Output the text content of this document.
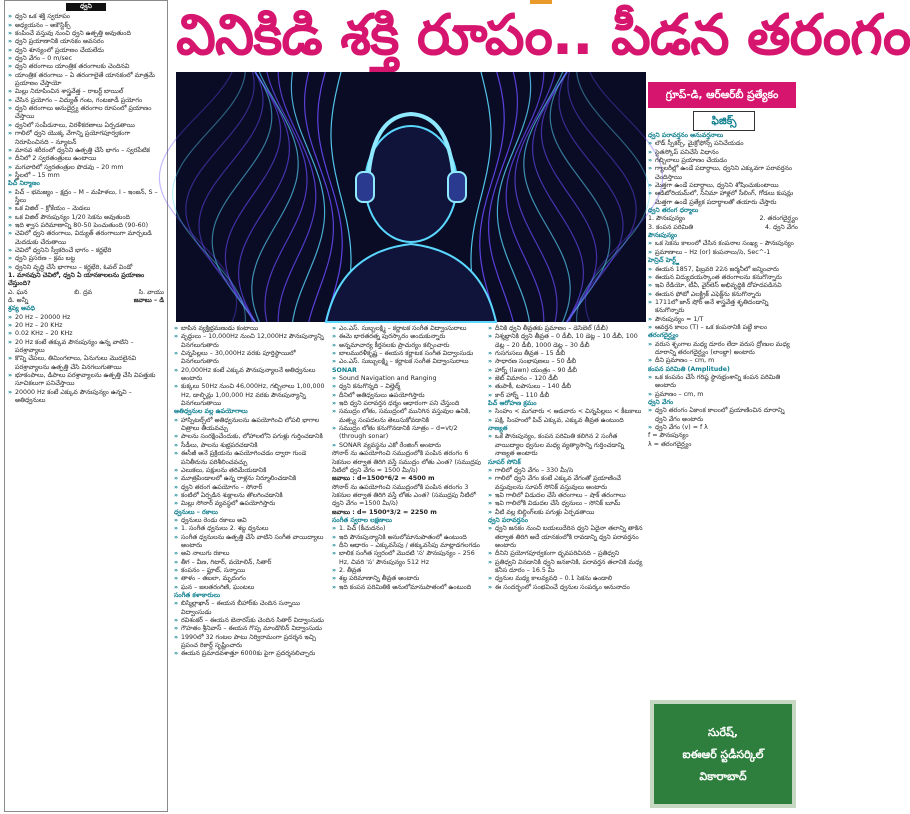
ధ్వని

» ధ్వని ఒక శక్తి స్వరూపం

» అధ్యయనం – అకౌస్టిక్స్

» కంపించే వస్తువు నుంచి ధ్వని ఉత్పత్తి అవుతుంది

» ధ్వని ప్రయాణానికి యానకం అవసరం

» ధ్వని శూన్యంలో ప్రయాణం చేయలేదు

» ధ్వని వేగం – 0 m/sec

» ధ్వని తరంగాలు యాంత్రిక తరంగాలకు చెందినవి

» యాంత్రిక తరంగాలు – ఏ తరంగాలైతే యానకంలో మాత్రమే ప్రయాణం చేస్తాయో

» మిల్లు నిరూపించిన శాస్త్రవేత్త – రాబర్ట్ బాయిల్

» చేసిన ప్రయోగం – విద్యుత్ గంట, గంటజాడీ ప్రయోగం

» ధ్వని తరంగాలు అనుదైర్ఘ్య తరంగాల రూపంలో ప్రయాణం చేస్తాయి

» ధ్వనిలో సంపీడనాలు, విరళీకరణాలు ఏర్పడతాయి

» గాలిలో ధ్వని యొక్క వేగాన్ని ప్రయోగపూర్వకంగా నిరూపించినది – న్యూటన్

» మానవ శరీరంలో ధ్వనిని ఉత్పత్తి చేసే భాగం – స్వరపేటిక

» దీనిలో 2 స్వరతంత్రులు ఉంటాయి

» మగవారిలో స్వరతంత్రుల పొడవు – 20 mm

» స్త్రీలలో – 15 mm

పిచ్ నిర్మాణం

» పిచ్ – భమజ్యం – క్షద్రం – M – మహిళలు, I – ఇంజన్, S – స్త్రీలు

» ఒక విజిల్ – క్రోకేయం – మెడలు

» ఒక విజిల్ పౌనఃపున్యం 1/20 సెకను అవుతుంది

» ఇది శ్వాస పరిమాణాన్ని 80-50 పెంచుతుంది (90-60)

» చెవిలో ధ్వని తరంగాలు, విద్యుత్ తరంగాలుగా మార్చబడి మెదడుకు చేరుతాయి

» చెవిలో ధ్వనిని స్వీకరించే భాగం – కర్ణభేరి

» ధ్వని ప్రసరణ – క్రమ బట్ట

» ధ్వనిని వృద్ధి చేసే భాగాలు – కర్ణభేరి, ఓవల్ విండో

1. మానవుని చెవిలో, ధ్వని ఏ యానకాలలను ప్రయాణం చేస్తుంది?

ఎ. ఘన	బి. ద్రవ	సి. వాయు
డి. అన్నీ	జవాబు – డి

శ్రవ్య అవధి

» 20 Hz – 20000 Hz

» 20 Hz – 20 KHz

» 0.02 KHz – 20 KHz

» 20 Hz కంటే తక్కువ పౌనఃపున్యం ఉన్న వాటిని – పరశ్రావ్యాలు

» కొన్ని చేపలు, తిమింగలాలు, ఏనుగులు మొదలైనవి పరశ్రావ్యాలను ఉత్పత్తి చేసి వినగలుగుతాయి

» భూకంపాలు, డిపాలు పరశ్రావ్యాలను ఉత్పత్తి చేసి విపత్తుకు సూచికలుగా పనిచేస్తాయి

» 20000 Hz కంటే ఎక్కువ పౌనఃపున్యం ఉన్నవి – అతిధ్వనులు

వినికిడి శక్తి రూపం.. పీడన తరంగం

» బాపిన వ్యక్తిభ్రమణుడు కంటాయి

» వృద్ధులు – 10,000Hz నుంచి 12,000Hz పౌనఃపున్యాన్ని వినగలుగుతారు

» చిన్నపిల్లలు – 30,000Hz వరకు పూర్తిస్థాయిలో వినగలుగుతారు

» 20,000Hz కంటే ఎక్కువ పౌనఃపున్యాలనే అతిధ్వనులు అంటారు

» కుక్కలు 50Hz నుంచి 46,000Hz, గబ్బిలాలు 1,00,000 Hz, డాల్ఫిన్లు 1,00,000 Hz వరకు పౌనఃపున్యాన్ని వినగలుగుతాయి

అతిధ్వనుల వల్ల ఉపయోగాలు

» హాస్పిటల్స్‌లో అతిధ్వనులను ఉపయోగించి లోపలి భాగాల చిత్రాలు తీయవచ్చు

» పాలను సంరక్షించేందుకు, లోహాలలోని పగుళ్లు గుర్తించడానికి

» సీడీలు, పాలను శుభ్రపరచడానికి

» ఈసీజీ అనే ప్రక్రియను ఉపయోగించడం ద్వారా గుండె పనితీరును పరిశీలించవచ్చు

» ఎలుకలు, పక్షులను తరిమేయడానికి

» మూత్రపిండాలలో ఉన్న రాళ్లను నిర్మూలించడానికి

» ధ్వని తరంగ ఉపయోగం – సోనార్

» కంటిలో ఏర్పడిన శుక్లాలను తొలగించడానికి

» మిల్లు సోనార్ వ్యవస్థలో ఉపయోగిస్తారు

ధ్వనులు – రకాలు

» ధ్వనులు రెండు రకాలు అవి

» 1. సంగీత ధ్వనులు 2. శబ్ద ధ్వనులు

» సంగీత ధ్వనులను ఉత్పత్తి చేసే వాటిని సంగీత వాయిద్యాలు అంటారు

» అవి నాలుగు రకాలు

» తీగ – వీణ, గిటార్, వయోలిన్, సితార్

» కంపనం – ఫ్లూట్, సన్నాయి

» తాళం – తబలా, మృదంగం

» ఘన – జలతరంగిణి, ఘంటలు

సంగీత కళాకారులు

» బిస్మిల్లాఖాన్ – ఈయన బీహార్‌కు చెందిన సన్నాయి విద్వాంసుడు

» రవిశంకర్ – ఈయన బెనారస్‌కు చెందిన సితార్ విద్వాంసుడు

» గౌహతం శ్రీనివాస్ – ఈయన గొప్ప మాండొలిన్ విద్వాంసుడు

» 1990లో 32 గంటల పాటు నిర్విరామంగా ప్రదర్శన ఇచ్చి ప్రపంచ రికార్డ్ సృష్టించారు

» ఈయన ప్రమాదవశాత్తూ 6000కు పైగా ప్రదర్శనలిచ్చారు

» ఎం.ఎస్. సుబ్బలక్ష్మి – కర్ణాటక సంగీత విద్వాంసురాలు

» ఈమె భారతరత్న పురస్కారం అందుకున్నారు

» అన్నమాచార్య కీర్తనలకు ప్రాచుర్యం కల్పించారు

» బాలమురళీకృష్ణ – ఈయన కర్ణాటక సంగీత విద్వాంసుడు

» ఎం.ఎస్. సుబ్బులక్ష్మి – కర్ణాటక సంగీత విద్వాంసురాలు

SONAR

» Sound Navigation and Ranging

» ధ్వని కనుగొన్నది – విల్హెల్మ్

» దీనిలో అతిధ్వనులు ఉపయోగిస్తారు

» ఇది ధ్వని పరావర్తన ధర్మం ఆధారంగా పని చేస్తుంది

» సముద్రం లోతు, సముద్రంలో మునిగిన వస్తువుల ఉనికి, మత్స్య సంపదలను తెలుసుకోవడానికి

» సముద్రం లోతు కనుగొనడానికి సూత్రం – d=vt/2 (through sonar)

» SONAR వ్యవస్థను ఎకో రేంజింగ్ అంటారు

సోనార్ ను ఉపయోగించి సముద్రంలోకి పంపిన తరంగం 6 సెకనుల తర్వాత తిరిగి వస్తే సముద్రం లోతు ఎంత? (సముద్రపు నీటిలో ధ్వని వేగం = 1500 మీ/సె)

జవాబు : d=1500*6/2 = 4500 m

సోనార్ ను ఉపయోగించి సముద్రంలోకి పంపిన తరంగం 3 సెకనుల తర్వాత తిరిగి వస్తే లోతు ఎంత? (సముద్రపు నీటిలో ధ్వని వేగం =1500 మీ/సె)

జవాబు : d= 1500*3/2 = 2250 m

సంగీత స్వరాల లక్షణాలు

» 1. పిచ్ (కీచుదనం)

» ఇది పౌనఃపున్యానికి అనులోమానుపాతంలో ఉంటుంది

» దీని ఆధారం – ఎక్కువసేపు / తక్కువసేపు మాట్లాడగలగడం

» బాలిక సంగీత స్వరంలో మొదటి 'స' పౌనఃపున్యం – 256 Hz, చివరి 'స' పౌనఃపున్యం 512 Hz

» 2. తీవ్రత

» శబ్ద పరిమాణాన్ని తీవ్రత అంటారు

» ఇది కంపన పరిమితికి అనులోమానుపాతంలో ఉంటుంది

» దీనికి ధ్వని తీవ్రతకు ప్రమాణం – డెసిబెల్ (డీబీ)

» నిశ్శబ్దానికి ధ్వని తీవ్రత – 0 డీబీ, 10 డెట్ల – 10 డీబీ, 100 డెట్ల – 20 డీబీ, 1000 డెట్ల – 30 డీబీ

» గుసగుసలు తీవ్రత – 15 డీబీ

» సాధారణ సంభాషణలు – 50 డీబీ

» హార్న్ (lawn) యంత్రం – 90 డీబీ

» జెట్ విమానం – 120 డీబీ

» తుపాకీ, టపాసులు – 140 డీబీ

» కార్ హార్న్ – 110 డీబీ

పిచ్ ఆరోహణ క్రమం

» సింహం < మగవారు < ఆడవారు < చిన్నపిల్లలు < కీటకాలు

» పక్షి, సింహంలో పిచ్ ఎక్కువ, ఎక్కువ తీవ్రత ఉంటుంది

నాణ్యత

» ఒకే పౌనఃపున్యం, కంపన పరిమితి కలిగిన 2 సంగీత వాయిద్యాల ధ్వనుల మధ్య వ్యత్యాసాన్ని గుర్తించడాన్ని నాణ్యత అంటారు

సూపర్ సోనిక్

» గాలిలో ధ్వని వేగం – 330 మీ/సె

» గాలిలో ధ్వని వేగం కంటే ఎక్కువ వేగంతో ప్రయాణించే వస్తువులను సూపర్ సోనిక్ వస్తువులు అంటారు

» ఇవి గాలిలో విడుదల చేసే తరంగాలు – షాక్ తరంగాలు

» ఇవి గాలిలోకి విడుదల చేసే ధ్వనులు – సోనిక్ బూమ్

» వీటి వల్ల బిల్డింగ్‌లకు పగుళ్లు ఏర్పడతాయి

ధ్వని పరావర్తనం

» ధ్వని జనకం నుంచి బయలుదేరిన ధ్వని ఏదైనా తలాన్ని తాకిన తర్వాత తిరిగి అదే యానకంలోకి రావడాన్ని ధ్వని పరావర్తనం అంటారు

» దీనిని ప్రయోగపూర్వకంగా ధృవపరిచినది – ప్రతిధ్వని

» ప్రతిధ్వని వినడానికి ధ్వని జనకానికి, పరావర్తన తలానికి మధ్య కనీస దూరం – 16.5 మీ

» ధ్వనుల మధ్య కాలవ్యవధి – 0.1 సెకను ఉండాలి

» ఈ సందర్భంలో సంభవించే ధ్వనుల సంపర్కం అనునాదం

గ్రూప్-డి, ఆర్‌ఆర్‌బీ ప్రత్యేకం
ఫిజిక్స్

ధ్వని పరావర్తనం అనువర్తనాలు

» లౌడ్ స్పీకర్స్, మైక్రోఫోన్స్ పనిచేయడం

» స్టెతస్కోప్ పనిచేసే విధానం

» గబ్బిలాలు ప్రయాణం చేయడం

» గ్యాలరీల్లో ఉండే పదార్థాలు, ధ్వనిని ఎక్కువగా పరావర్తనం చెందిస్తాయి

» మెత్తగా ఉండే పదార్థాలు, ధ్వనిని శోషించుకుంటాయి

» ఆడిటోరియమ్‌లో, సినిమా హాళ్లలో సీలింగ్, గోడలు కుషన్లు మెత్తగా ఉండే ప్రత్యేక పదార్థాలతో తయారు చేస్తారు

ధ్వని తరంగ ధర్మాలు

1. పౌనఃపున్యం	2. తరంగదైర్ఘ్యం
3. కంపన పరిమితి	4. ధ్వని వేగం

పౌనఃపున్యం

» ఒక సెకను కాలంలో చేసిన కంపనాల సంఖ్య – పౌనఃపున్యం

» ప్రమాణాలు – Hz (or) కంపనాలు/సె, Sec^-1

హెన్రిచ్ హెర్ట్జ్

» ఈయన 1857, ఫిబ్రవరి 22న జర్మనీలో జన్మించారు

» ఈయన విద్యుదయస్కాంత తరంగాలను కనుగొన్నారు

» ఇవి రేడియో, టీవీ, వైర్‌లెస్ అభివృద్ధికి దోహదపడినవి

» ఈయన ఫోటో ఎలక్ట్రిక్ ఎఫెక్ట్‌ను కనుగొన్నారు

» 1711లో జాన్ షోర్ అనే శాస్త్రవేత్త శృతిదండాన్ని కనుగొన్నారు

» పౌనఃపున్యం = 1/T

» ఆవర్తన కాలం (T) – ఒక కంపనానికి పట్టే కాలం

తరంగదైర్ఘ్యం

» వరుస శృంగాల మధ్య దూరం లేదా వరుస ద్రోణుల మధ్య దూరాన్ని తరంగదైర్ఘ్యం (లాంబ్డా) అంటారు

» దీని ప్రమాణం – cm, m

కంపన పరిమితి (Amplitude)

» ఒక కంపనం చేసే గరిష్ఠ స్థానభ్రంశాన్ని కంపన పరిమితి అంటారు

» ప్రమాణం – cm, m

ధ్వని వేగం

» ధ్వని తరంగం ఏకాంక కాలంలో ప్రయాణించిన దూరాన్ని ధ్వని వేగం అంటారు

» ధ్వని వేగం (v) = f λ

f = పౌనఃపున్యం

λ = తరంగదైర్ఘ్యం

సురేష్,
ఐఈఆర్ స్టడీసర్కిల్
వికారాబాద్
